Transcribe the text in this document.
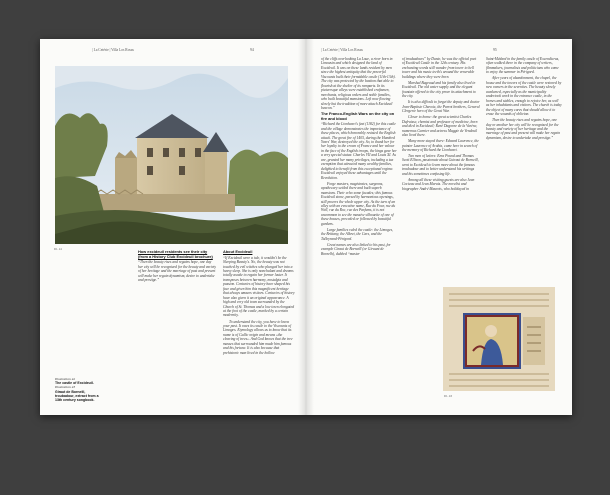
| La Cetérie | Villa Los Rosas	94
Ill. 41	How excideuil residents see their city (from a History Club Excideuil brochure)

“Then the beauty rises and regains hope, one day her city will be recognized for the beauty and variety of her heritage and the marriage of past and present will make her regain dynamism, desire to undertake and prestige.”

About Excideuil

“If Excideuil were a tale, it wouldn't be the Sleeping Beauty's. No, the beauty was not touched by evil witches who plunged her into a heavy sleep. She is only nonchalant and dreams totally awake to regain her former luster. It transposes between harmony, nostalgia and passion. Centuries of history have shaped his face and given him this magnificent heritage that always amazes visitors. Centuries of history have also given it an original appearance. A high and very old town surrounded by the Church of St. Thomas and a low town elongated at the foot of the castle, marked by a certain modernity.

To understand the city, you have to know your past. It owes its castle to the Viscounts of Limoges. Etymology allows us to know that its name is of Gallic origin and means «the clearing of trees». And God knows that the tree masses that surrounded him made him famous and his fortune. It is also because that prehistoric man lived in the hollow

Illustration 42
The castle of Excideuil.
Illustration 43
Giraut de Borneill, troubadour, extract from a 13th century songbook.
| La Cetérie | Villa Los Rosas	95

of the cliffs overlooking La Loue, a river born in Limousin and which designed the land of Excideuil. It was on these lands resident by men since the highest antiquity that the powerful Viscounts built their formidable castle (11th-13th). The city was protected by the bastion that able to flourish at the shelter of its ramparts. In its picturesque alleys were established craftsmen, merchants, religious orders and noble families, who built beautiful mansions. Left now flowing slowly but the tradition of more attach Excideuil beacon.”

The Franco-English Wars on the city on fire and blood

“Richard the Lionheart's feat (1182) for this castle and the village demonstrates the importance of these places, which honorably resisted the English attack. The great fire of 1405, during the Hundred Years' War, destroyed the city. So, to thank her for her loyalty to the crown of France and her valour in the face of the English troops, the kings gave her a very special status: Charles VII and Louis XI. As are, granted her many privileges, including a tax exemption that attracted many wealthy families, delighted to benefit from this exceptional regime. Excideuil enjoyed these advantages until the Revolution.

Forge masters, magistrates, surgeons, apothecary settled there and built superb mansions. Their echo some facades; this famous Excideuil stone, parsed by harmonious openings, still powers the whole upper city. As the turn of an alley with an evocative name, Rue du Four, rue du Well, rue du Roc, rue des Parfums, it is not uncommon to see the massive silhouette of one of these houses, preceded or followed by beautiful gardens.

Large families ruled the castle: the Limoges, the Brittany, the Albret, the Cars, and the Talleyrand-Périgord.

Great names are also linked to his past, for example Giraut de Borneill (or Giraunt de Bornelh), dubbed “master

of troubadours” by Dante, he was the official poet of Excideuil Castle in the 12th century. His enchanting words still wander from tower to bell tower and his music teeth's around the venerable buildings where they were born.

Marshal Bugeaud and his family also lived in Excideuil. The old water supply and the elegant fountain offered to the city prove its attachment to the city.

It is also difficult to forget the deputy and doctor Jean-Baptiste Chavoix, the Parrot brothers, General Clergerie hero of the Great War.

Closer to home: the great scientist Charles Dufraisse, chemist and professor of medicine, born and died in Excideuil; René Dagorne de la Varène, numerous Garnier and actress Maggie de Vendeuil also lived there.

Many more stayed there: Edward Lawrence, the painter Laurence of Arabia, came here in search of the memory of Richard the Lionheart.

Two men of letters: Ezra Pound and Thomas Scott Ellison, passionate about Guiraut de Borneill, went to Excideuil to learn more about the famous troubadour and to better understand his writings and his sometimes confusing life.

Among all these visiting guests are also Jean Cocteau and Jean Marais. The novelist and biographer André Maurois, who holidayed in

Saint-Médard in the family castle of Excendicras, often walked there in the company of writers, filmmakers, journalists and politicians who came to enjoy the summer in Périgord.

After years of abandonment, the chapel, the house and the towers of the castle were restored by new owners in the seventies. The beauty slowly awakened, especially as the municipality undertook work in the entrance castle, in the horses and stables, enough to rejoice her, as well as her inhabitants and visitors. The church is today the object of many cares that should allow it to erase the wounds of oblivion.

Then the beauty rises and regains hope, one day or another her city will be recognized for the beauty and variety of her heritage and the marriage of past and present will make her regain dynamism, desire to undertake and prestige.”

Ill. 43
